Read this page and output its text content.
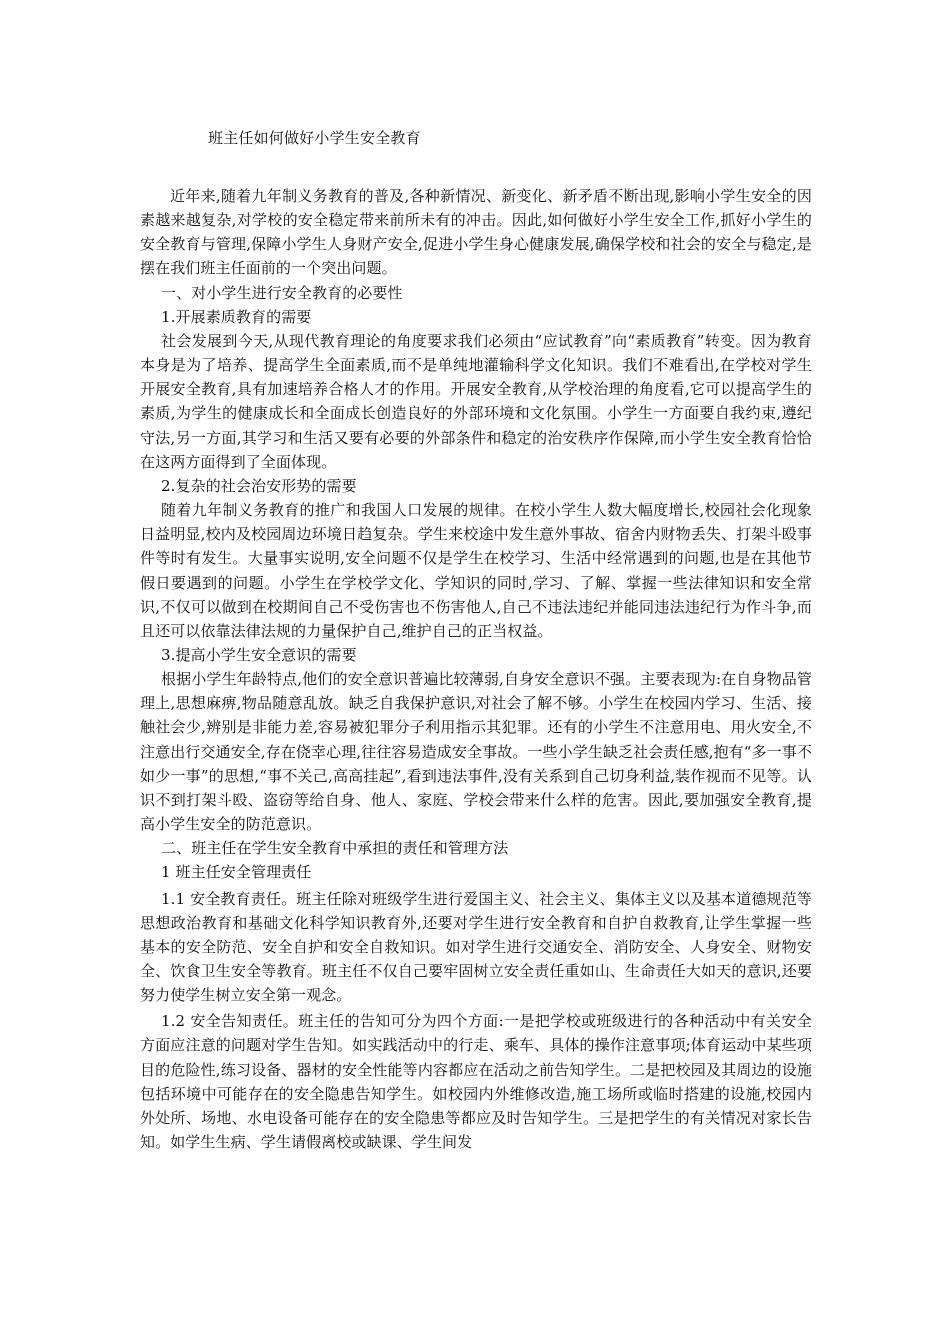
班主任如何做好小学生安全教育

近年来,随着九年制义务教育的普及,各种新情况、新变化、新矛盾不断出现,影响小学生安全的因素越来越复杂,对学校的安全稳定带来前所未有的冲击。因此,如何做好小学生安全工作,抓好小学生的安全教育与管理,保障小学生人身财产安全,促进小学生身心健康发展,确保学校和社会的安全与稳定,是摆在我们班主任面前的一个突出问题。

一、对小学生进行安全教育的必要性

1.开展素质教育的需要

社会发展到今天,从现代教育理论的角度要求我们必须由“应试教育”向“素质教育”转变。因为教育本身是为了培养、提高学生全面素质,而不是单纯地灌输科学文化知识。我们不难看出,在学校对学生开展安全教育,具有加速培养合格人才的作用。开展安全教育,从学校治理的角度看,它可以提高学生的素质,为学生的健康成长和全面成长创造良好的外部环境和文化氛围。小学生一方面要自我约束,遵纪守法,另一方面,其学习和生活又要有必要的外部条件和稳定的治安秩序作保障,而小学生安全教育恰恰在这两方面得到了全面体现。

2.复杂的社会治安形势的需要

随着九年制义务教育的推广和我国人口发展的规律。在校小学生人数大幅度增长,校园社会化现象日益明显,校内及校园周边环境日趋复杂。学生来校途中发生意外事故、宿舍内财物丢失、打架斗殴事件等时有发生。大量事实说明,安全问题不仅是学生在校学习、生活中经常遇到的问题,也是在其他节假日要遇到的问题。小学生在学校学文化、学知识的同时,学习、了解、掌握一些法律知识和安全常识,不仅可以做到在校期间自己不受伤害也不伤害他人,自己不违法违纪并能同违法违纪行为作斗争,而且还可以依靠法律法规的力量保护自己,维护自己的正当权益。

3.提高小学生安全意识的需要

根据小学生年龄特点,他们的安全意识普遍比较薄弱,自身安全意识不强。主要表现为:在自身物品管理上,思想麻痹,物品随意乱放。缺乏自我保护意识,对社会了解不够。小学生在校园内学习、生活、接触社会少,辨别是非能力差,容易被犯罪分子利用指示其犯罪。还有的小学生不注意用电、用火安全,不注意出行交通安全,存在侥幸心理,往往容易造成安全事故。一些小学生缺乏社会责任感,抱有“多一事不如少一事”的思想,“事不关己,高高挂起”,看到违法事件,没有关系到自己切身利益,装作视而不见等。认识不到打架斗殴、盗窃等给自身、他人、家庭、学校会带来什么样的危害。因此,要加强安全教育,提高小学生安全的防范意识。

二、班主任在学生安全教育中承担的责任和管理方法

1 班主任安全管理责任

1.1 安全教育责任。班主任除对班级学生进行爱国主义、社会主义、集体主义以及基本道德规范等思想政治教育和基础文化科学知识教育外,还要对学生进行安全教育和自护自救教育,让学生掌握一些基本的安全防范、安全自护和安全自救知识。如对学生进行交通安全、消防安全、人身安全、财物安全、饮食卫生安全等教育。班主任不仅自己要牢固树立安全责任重如山、生命责任大如天的意识,还要努力使学生树立安全第一观念。

1.2 安全告知责任。班主任的告知可分为四个方面:一是把学校或班级进行的各种活动中有关安全方面应注意的问题对学生告知。如实践活动中的行走、乘车、具体的操作注意事项;体育运动中某些项目的危险性,练习设备、器材的安全性能等内容都应在活动之前告知学生。二是把校园及其周边的设施包括环境中可能存在的安全隐患告知学生。如校园内外维修改造,施工场所或临时搭建的设施,校园内外处所、场地、水电设备可能存在的安全隐患等都应及时告知学生。三是把学生的有关情况对家长告知。如学生生病、学生请假离校或缺课、学生间发
